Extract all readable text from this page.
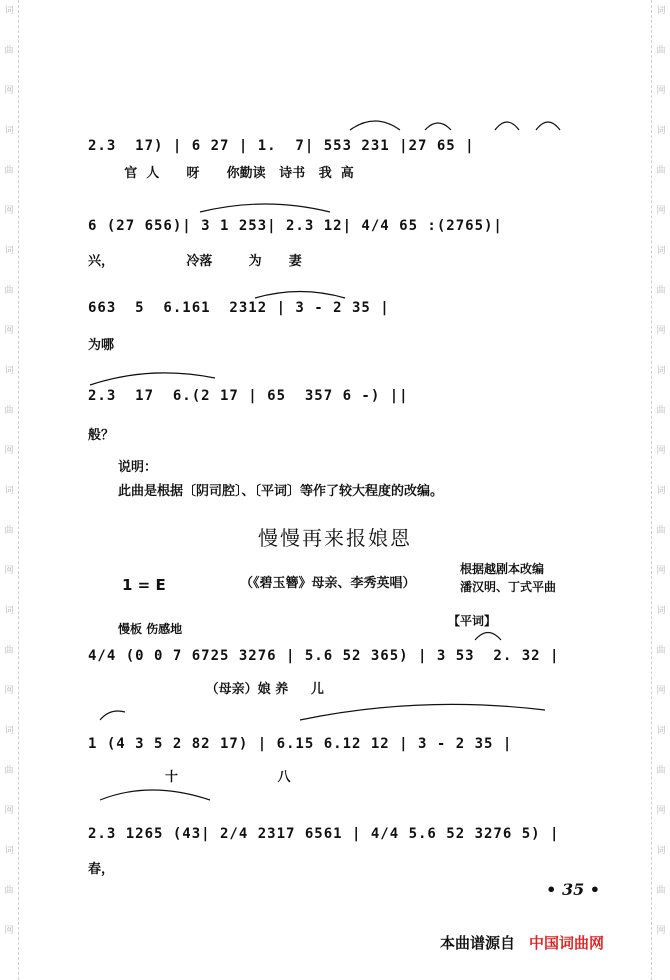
2.3  17) | 6 27 | 1.  7| 553 231 |27 65 |
官  人      呀      你勤读   诗书   我  高
6 (27 656)| 3 1 253| 2.3 12| 4/4 65 :(2765)|
兴，                冷落        为      妻
663  5  6.161  2312 | 3 - 2 35 |
为哪
2.3  17  6.(2 17 | 65  357 6 -) ||
般？
说明：
此曲是根据〔阴司腔〕、〔平词〕等作了较大程度的改编。
慢慢再来报娘恩
1 = E	（《碧玉簪》母亲、李秀英唱）
根据越剧本改编
潘汉明、丁式平曲
慢板 伤感地
【平词】
4/4 (0 0 7 6725 3276 | 5.6 52 365) | 3 53  2. 32 |
（母亲）娘 养     儿
1 (4 3 5 2 82 17) | 6.15 6.12 12 | 3 - 2 35 |
十                      八
2.3 1265 (43| 2/4 2317 6561 | 4/4 5.6 52 3276 5) |
春，
• 35 •
本曲谱源自 中国词曲网
词
曲
网
词
曲
网
词
曲
网
词
曲
网
词
曲
网
词
曲
网
词
曲
网
词
曲
网
词
曲
网
词
曲
网
词
曲
网
词
曲
网
词
曲
网
词
曲
网
词
曲
网
词
曲
网
